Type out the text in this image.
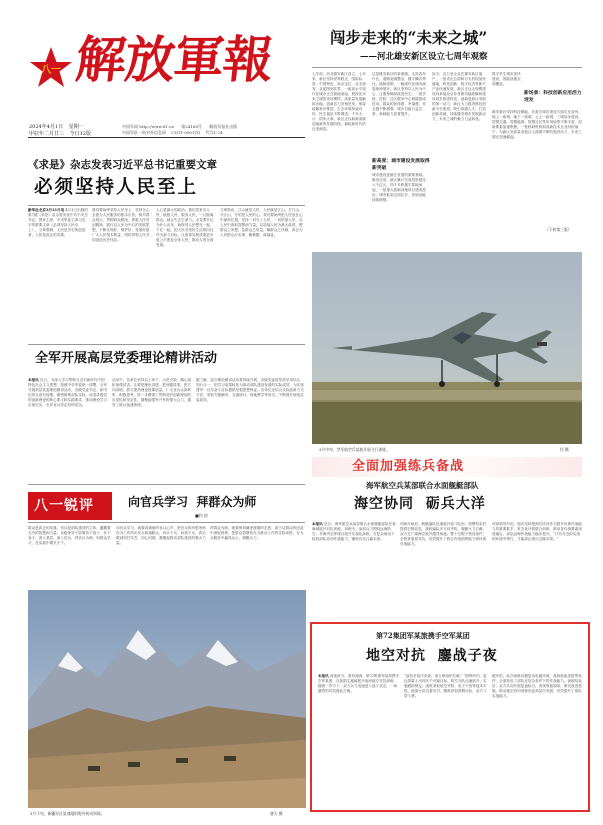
八一 解放軍報
2024年4月1日 星期一
甲辰年二月廿三 今日12版
中国军网 http://www.81.cn 第24188号 解放军报社出版
中国军队一致对外信息网 CN11-0001(Y) 代号1-24
闯步走来的“未来之城”
——河北雄安新区设立七周年观察
七年前，河北雄安新区设立。七年来，新区坚持世界眼光、国际标准、中国特色、高点定位，从无到有、从蓝图到实景，一座高水平现代化城市正在拔地而起，展现出未来之城的美好模样。高质量发展蹄疾步稳，创新活力竞相迸发，承接疏解有序推进，生态环境持续向好，民生福祉不断增进。千年大计、国家大事，新区正以崭新面貌迎接新的发展阶段，描绘新时代的壮美画卷。
这是雄安新区的新面貌。走进容东片区，道路宽阔整洁，楼宇鳞次栉比，绿树成荫，一幅现代化城市画卷徐徐展开。新区坚持以人民为中心，注重保障和改善民生，一批学校、医院、社区服务中心相继建成投用，群众的获得感、幸福感、安全感不断增强，城市功能日益完善，承载能力显著提升。
新高度：城市建设发展取得新突破
城市建设是新区发展的重要基础。截至目前，新区累计完成投资超过六千亿元，四千多栋楼宇拔地而起，一批重大基础设施项目建成投用，城市框架全面拉开，发展动能持续增强。
如今，近万家企业在雄安新区落户，一批央企总部和分支机构加快落地，科技创新、数字经济等新兴产业快速发展，新区正从大规模建设向承接北京非首都功能疏解和建设同步推进转变。创新是新区发展的第一动力，新区大力推进科技创新平台建设，吸引高端人才，打造创新高地，持续激发城市发展新活力，未来之城的魅力日益彰显。
数字孪生城市加快建设，智能设施全面覆盖。
新场景：科技创新应用活力迸发
雄安新区坚持科技赋能，在数字城市建设方面走在前列。地上一座城，地下一座城，云上一座城，三城同步建设，智慧交通、智慧能源、智慧社区等应用场景不断丰富，创新要素加速集聚，一批科研机构和高新技术企业纷纷落户，为新区高质量发展注入源源不断的强劲动力，未来之城正加速崛起。
（下转第三版）
《求是》杂志发表习近平总书记重要文章
必须坚持人民至上
新华社北京3月31日电 4月1日出版的第7期《求是》杂志将发表中共中央总书记、国家主席、中央军委主席习近平的重要文章《必须坚持人民至上》。文章强调，人民是历史的创造者，人民是真正的英雄。
我们要始终坚持人民至上，坚持全心全意为人民服务的根本宗旨，树牢群众观点，贯彻群众路线，尊重人民首创精神，践行以人民为中心的发展思想，不断实现好、维护好、发展好最广大人民根本利益，团结带领人民共同创造历史伟业。
人心是最大的政治。我们党来自人民、植根人民、服务人民，一旦脱离群众，就会失去生命力。全党要牢记为什么出发，始终同人民想在一起、干在一起，把人民对美好生活的向往作为奋斗目标，让改革发展成果更多更公平惠及全体人民，推动人的全面发展。
文章指出，江山就是人民，人民就是江山。打江山、守江山，守的是人民的心。我们要始终把人民放在心中最高位置，坚持一切为了人民、一切依靠人民，从人民中汲取智慧和力量，以造福人民为最大政绩，想群众之所想，急群众之所急，解群众之所难，真正为人民群众办实事、解难题、谋福祉。
全军开展高层党委理论精讲活动
本报讯 近日，为深入学习贯彻习近平新时代中国特色社会主义思想，按照中央军委统一部署，全军开展高层党委理论精讲活动。各级党委书记、副书记带头登台授课，紧密联系部队实际，讲清讲透党的创新理论的核心要义和实践要求，推动理论学习走深走实，引导官兵坚定信仰信念。
活动中，各单位坚持以上率下、示范引领，精心组织备课试讲，注重把理论讲透、把问题讲准、把方向讲明，着力提高理论授课质量。广大官兵认真聆听、积极思考，进一步增强了贯彻党的创新理论的自觉性和坚定性，凝聚起强军兴军的强大合力，激发了练兵备战热情。
据了解，此次理论精讲活动将持续开展，各级党委将坚持学用结合、知行合一，把学习成果转化为推动部队建设发展的实际成效，为实现建军一百年奋斗目标提供坚强思想保证。各单位还结合实际创新方式方法，采取专题辅导、交流研讨、现地教学等形式，不断提升理论武装质效。
八一锐评	向官兵学习  拜群众为师
■钧 宸
群众是真正的英雄。官兵是部队建设的主体，蕴藏着无穷的智慧和力量。各级领导干部要放下架子、扑下身子，深入基层、深入官兵，拜官兵为师，向群众学习，在实践中增长才干。
向官兵学习，就要真诚倾听官兵心声，把官兵的所思所盼作为工作的出发点和落脚点，问计于兵、问需于兵，真正做到同甘共苦、同心同德，凝聚起推动部队建设的强大力量。
拜群众为师，就要保持谦虚谨慎的态度，善于从群众的创造中汲取营养，把群众智慧转化为推动工作的实际举措，在为兵服务中赢得兵心、凝聚兵力。
3月中旬，空军航空兵某旅开展飞行训练。	付 摄
全面加强练兵备战
海军航空兵某部联合水面舰艇部队
海空协同  砺兵大洋
本报讯 近日，海军航空兵某部联合水面舰艇部队在某海域展开对抗训练。训练中，参训兵力围绕远海防空、对海突击等课目展开实战化演练，在复杂海况下检验部队协同作战能力，锤炼官兵打赢本领。
训练开始后，舰艇编队迅速展开战斗队形，预警机实时提供空情信息，战机编队多方向突防，舰艇火力拦截，双方在广阔海空展开激烈角逐。整个过程不预设条件，全程背靠背对抗，有效提升了联合作战指挥能力和体系作战能力。
该部领导介绍，他们坚持把海空协同作为提升体系作战能力的重要抓手，常态化开展联合训练，推动各作战要素深度融合，部队远海作战能力稳步提升。“只有在近似实战的环境中摔打，才能真正练出过硬本领。”
第72集团军某旅携手空军某团
地空对抗  鏖战子夜
本报讯 深夜时分，寒风凛冽。第72集团军某旅携手空军某团，在某陌生地域展开夜间地空对抗演练。随着一声令下，双方兵力迅速进入战斗状态，一场激烈的对抗就此打响。
“敌机多批次来袭，请立即组织拦截！”指挥所内，雷达屏幕上出现多个可疑目标。防空分队迅速展开，实施跟踪锁定。战机采取低空突防、电子干扰等战术手段，地面分队沉着应对，精准识别真假目标，双方斗智斗勇。
据介绍，此次演练设置复杂电磁环境、夜间低能见度等条件，全面检验了部队在复杂条件下的作战能力。演练结束后，双方共同开展复盘检讨，查找短板弱项，研究改进措施，推动地空协同训练向更高层次发展，有效提升了部队实战能力。
3月下旬，新疆军区某部组织野外机动训练。	唐天 摄
